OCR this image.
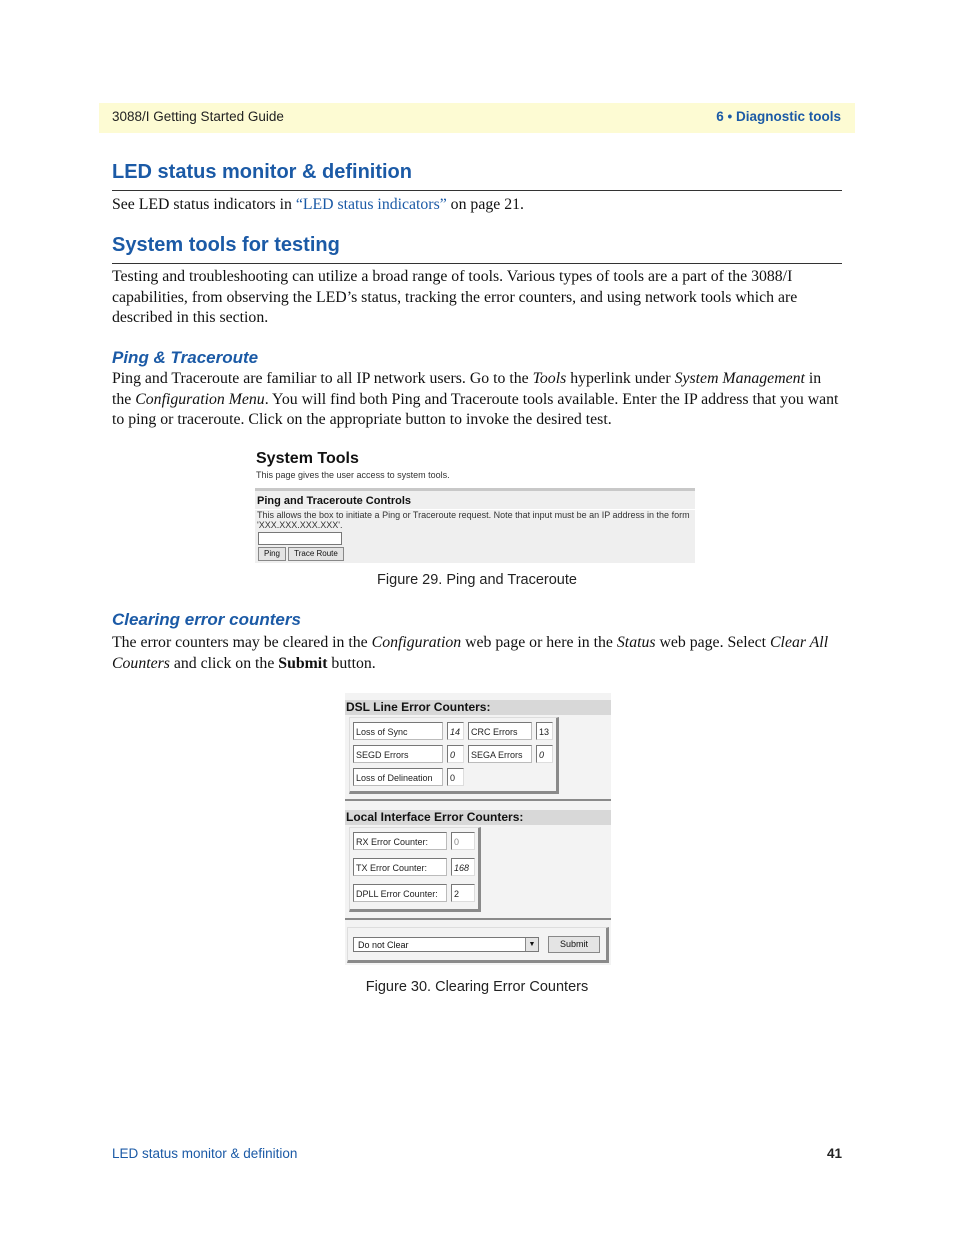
3088/I Getting Started Guide	6 • Diagnostic tools
LED status monitor & definition

See LED status indicators in “LED status indicators” on page 21.

System tools for testing

Testing and troubleshooting can utilize a broad range of tools. Various types of tools are a part of the 3088/I capabilities, from observing the LED’s status, tracking the error counters, and using network tools which are described in this section.

Ping & Traceroute

Ping and Traceroute are familiar to all IP network users. Go to the Tools hyperlink under System Management in the Configuration Menu. You will find both Ping and Traceroute tools available. Enter the IP address that you want to ping or traceroute. Click on the appropriate button to invoke the desired test.

System Tools
This page gives the user access to system tools.
Ping and Traceroute Controls
This allows the box to initiate a Ping or Traceroute request. Note that input must be an IP address in the form 'XXX.XXX.XXX.XXX'.
Ping	Trace Route
Figure 29. Ping and Traceroute
Clearing error counters

The error counters may be cleared in the Configuration web page or here in the Status web page. Select Clear All Counters and click on the Submit button.

DSL Line Error Counters:
Loss of Sync	14	CRC Errors	13
SEGD Errors	0	SEGA Errors	0
Loss of Delineation	0
Local Interface Error Counters:
RX Error Counter:	0
TX Error Counter:	168
DPLL Error Counter:	2
Do not Clear	▼	Submit
Figure 30. Clearing Error Counters
LED status monitor & definition	41
